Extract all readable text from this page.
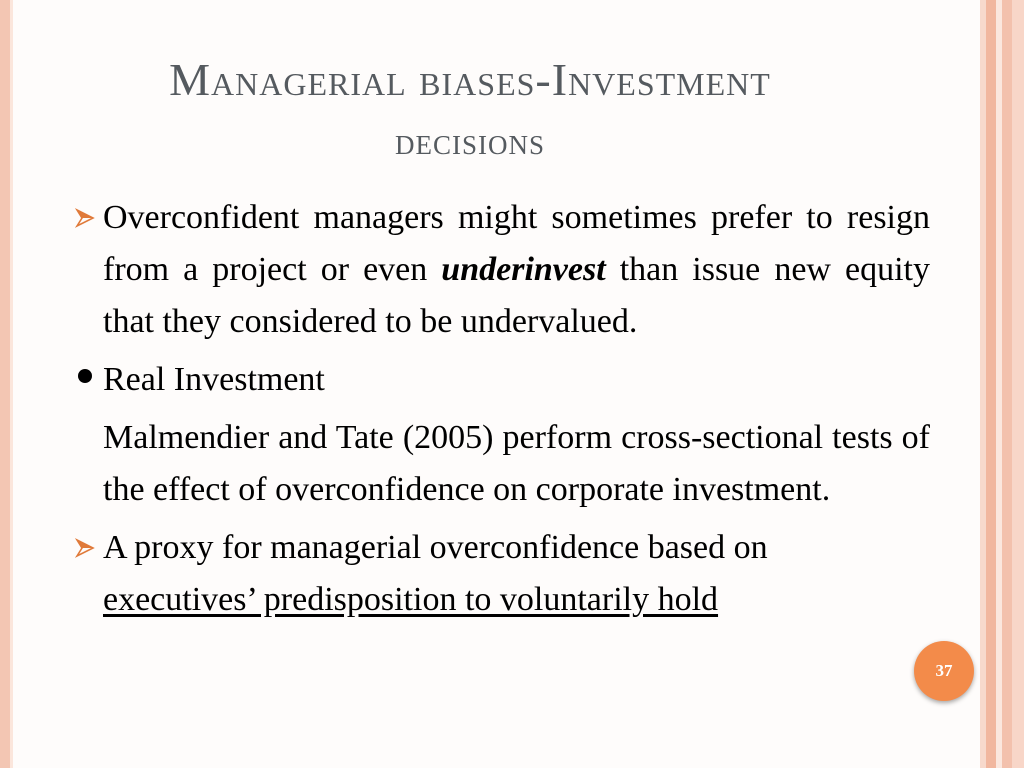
Managerial biases-Investment
decisions
Overconfident managers might sometimes prefer to resign from a project or even underinvest than issue new equity that they considered to be undervalued.
Real Investment
Malmendier and Tate (2005) perform cross-sectional tests of the effect of overconfidence on corporate investment.
A proxy for managerial overconfidence based on
executives’ predisposition to voluntarily hold
37
